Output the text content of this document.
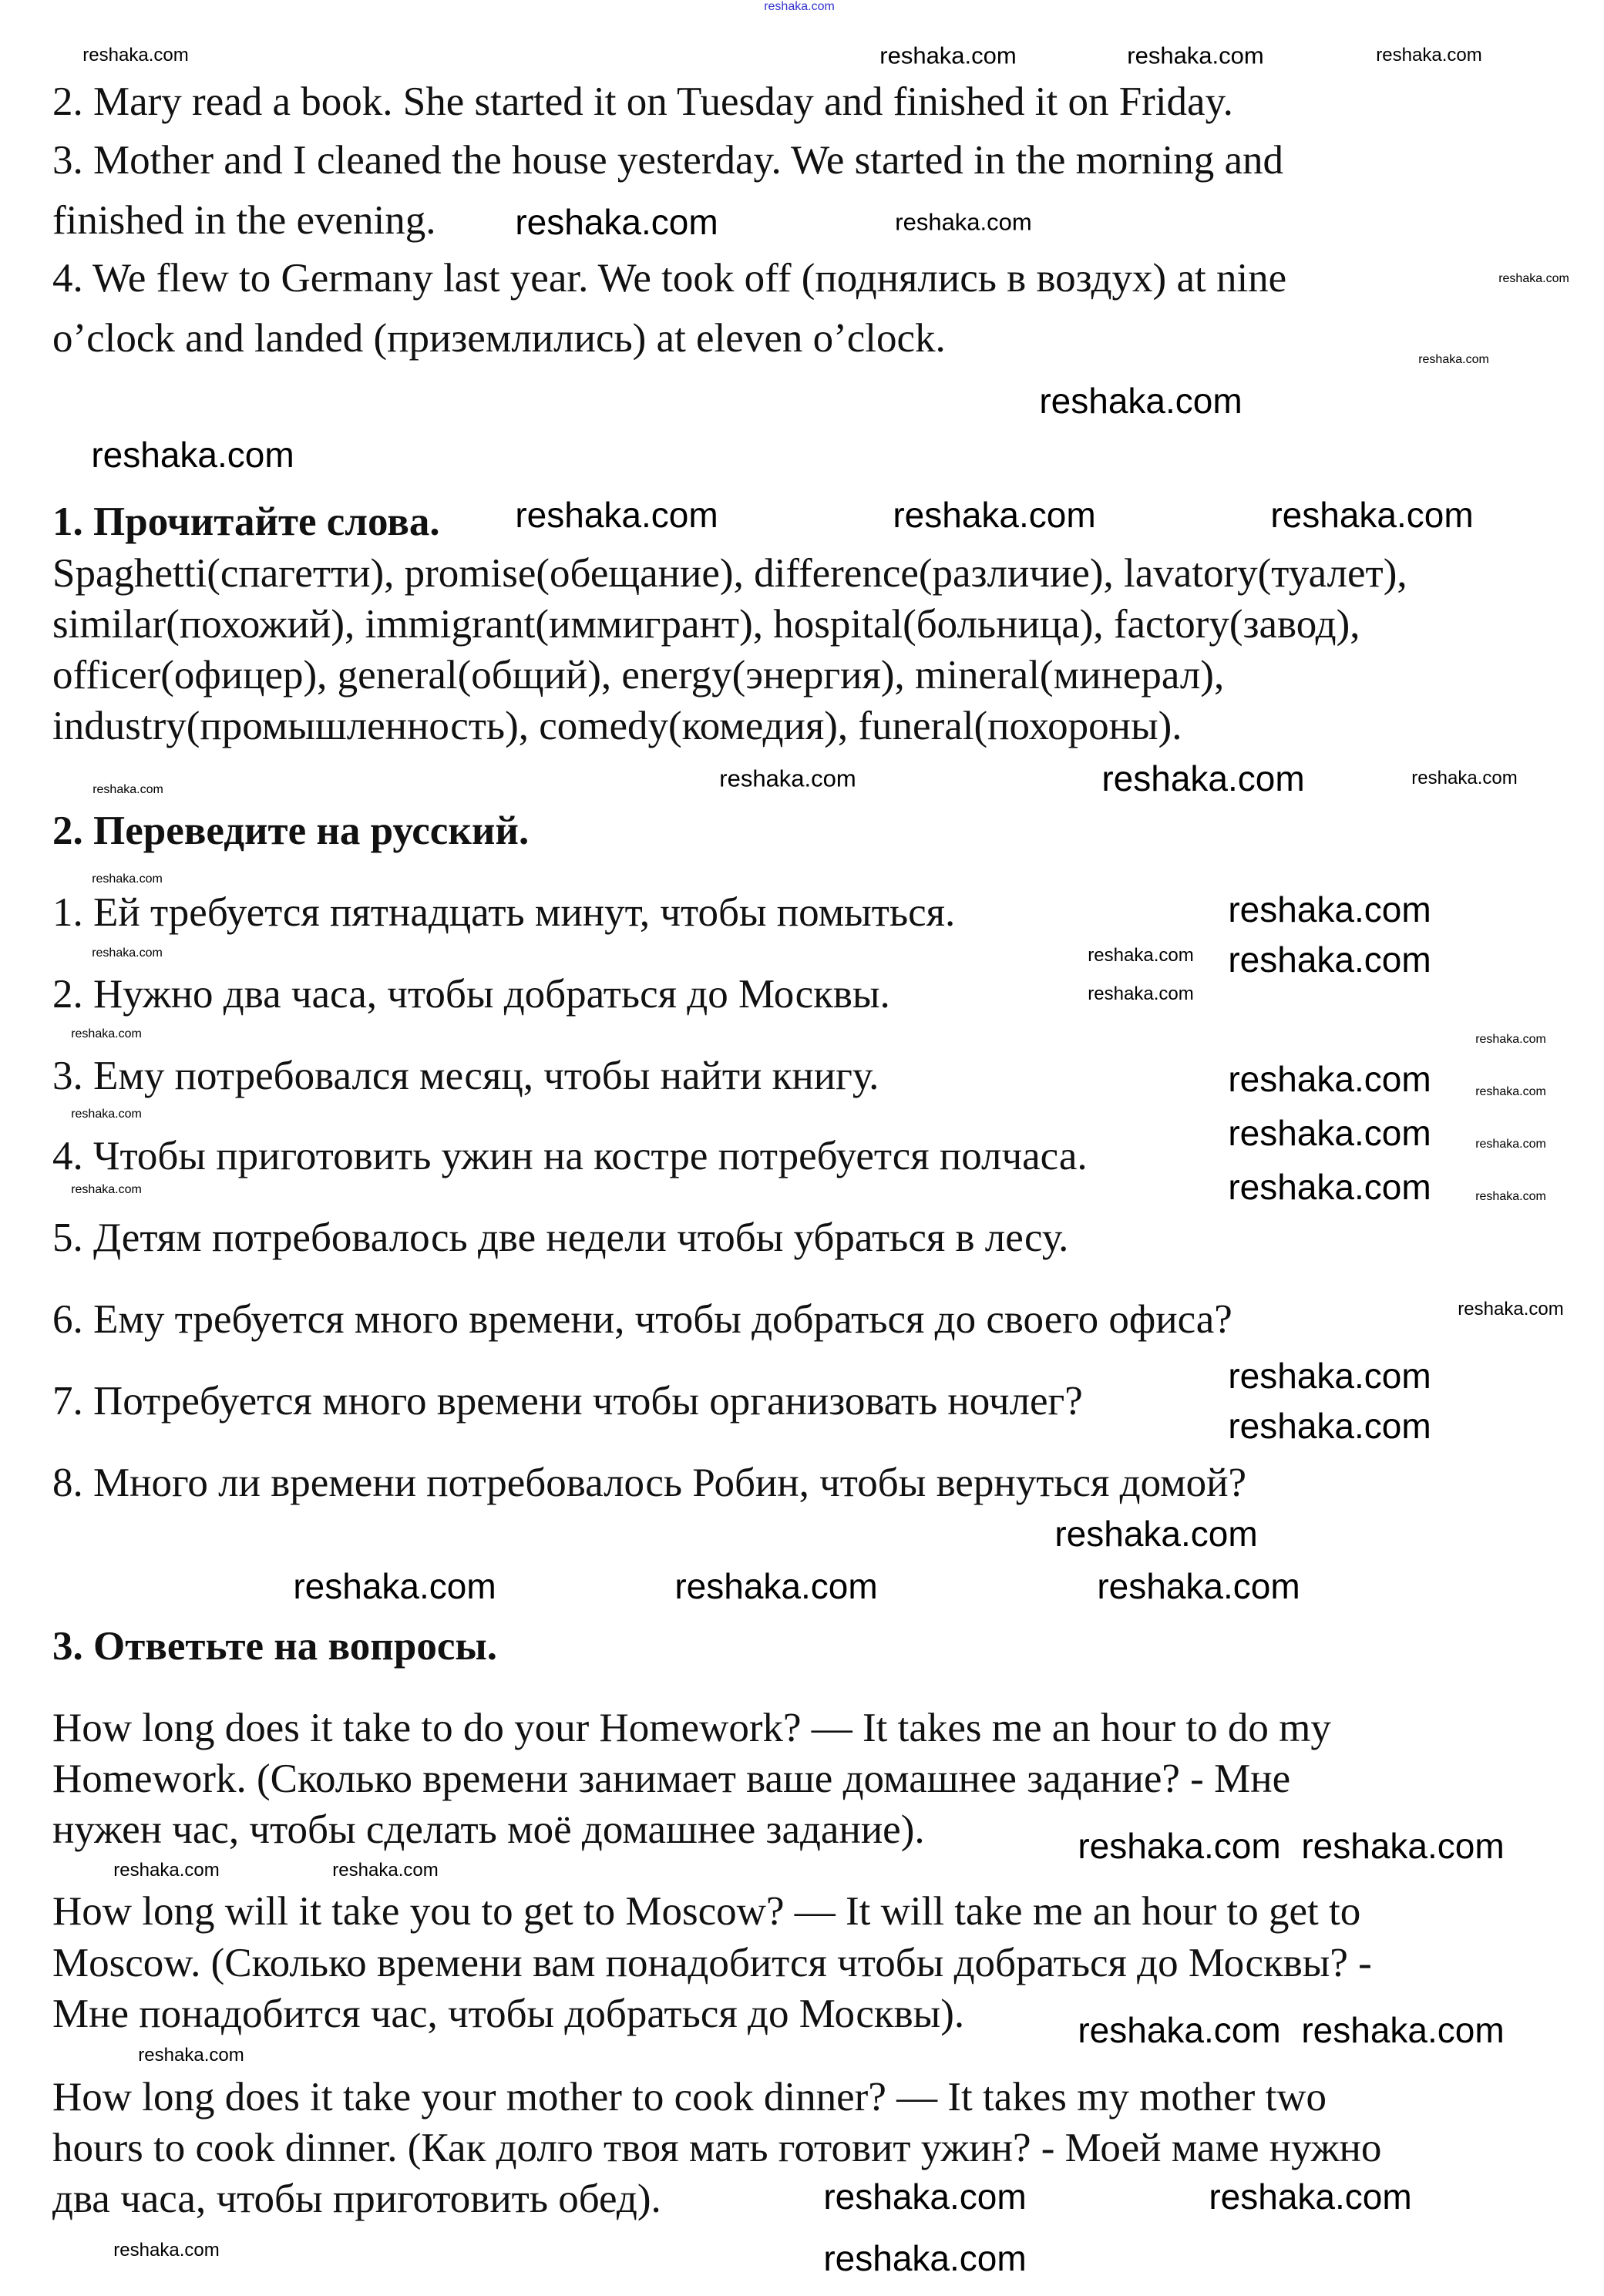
2. Mary read a book. She started it on Tuesday and finished it on Friday.
3. Mother and I cleaned the house yesterday. We started in the morning and
finished in the evening.
4. We flew to Germany last year. We took off (поднялись в воздух) at nine
o’clock and landed (приземлились) at eleven o’clock.
1. Прочитайте слова.
Spaghetti(спагетти), promise(обещание), difference(различие), lavatory(туалет),
similar(похожий), immigrant(иммигрант), hospital(больница), factory(завод),
officer(офицер), general(общий), energy(энергия), mineral(минерал),
industry(промышленность), comedy(комедия), funeral(похороны).
2. Переведите на русский.
1. Ей требуется пятнадцать минут, чтобы помыться.
2. Нужно два часа, чтобы добраться до Москвы.
3. Ему потребовался месяц, чтобы найти книгу.
4. Чтобы приготовить ужин на костре потребуется полчаса.
5. Детям потребовалось две недели чтобы убраться в лесу.
6. Ему требуется много времени, чтобы добраться до своего офиса?
7. Потребуется много времени чтобы организовать ночлег?
8. Много ли времени потребовалось Робин, чтобы вернуться домой?
3. Ответьте на вопросы.
How long does it take to do your Homework? — It takes me an hour to do my
Homework. (Сколько времени занимает ваше домашнее задание? - Мне
нужен час, чтобы сделать моё домашнее задание).
How long will it take you to get to Moscow? — It will take me an hour to get to
Moscow. (Сколько времени вам понадобится чтобы добраться до Москвы? -
Мне понадобится час, чтобы добраться до Москвы).
How long does it take your mother to cook dinner? — It takes my mother two
hours to cook dinner. (Как долго твоя мать готовит ужин? - Моей маме нужно
два часа, чтобы приготовить обед).
reshaka.com
reshaka.com	reshaka.com	reshaka.com
reshaka.com
reshaka.com	reshaka.com
reshaka.com
reshaka.com
reshaka.com
reshaka.com
reshaka.com	reshaka.com	reshaka.com
reshaka.com
reshaka.com	reshaka.com
reshaka.com
reshaka.com
reshaka.com
reshaka.com
reshaka.com	reshaka.com
reshaka.com
reshaka.com	reshaka.com
reshaka.com
reshaka.com
reshaka.com
reshaka.com
reshaka.com
reshaka.com
reshaka.com
reshaka.com
reshaka.com
reshaka.com
reshaka.com
reshaka.com
reshaka.com	reshaka.com	reshaka.com
reshaka.com
reshaka.com
reshaka.com
reshaka.com
reshaka.com
reshaka.com
reshaka.com
reshaka.com
reshaka.com
reshaka.com
reshaka.com
